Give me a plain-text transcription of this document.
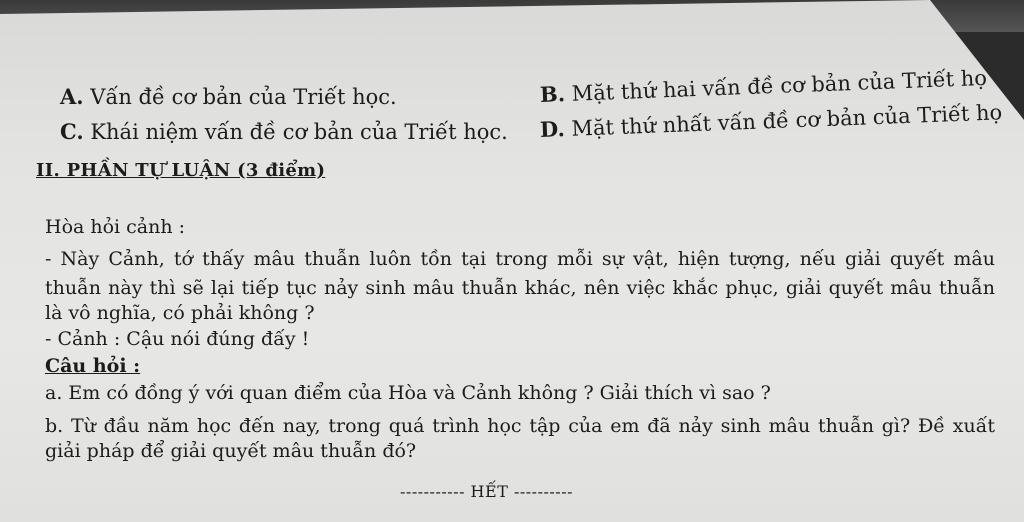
A. Vấn đề cơ bản của Triết học.	B. Mặt thứ hai vấn đề cơ bản của Triết họ
C. Khái niệm vấn đề cơ bản của Triết học. D. Mặt thứ nhất vấn đề cơ bản của Triết họ
II. PHẦN TỰ LUẬN (3 điểm)
Hòa hỏi cảnh :
- Này Cảnh, tớ thấy mâu thuẫn luôn tồn tại trong mỗi sự vật, hiện tượng, nếu giải quyết mâu
thuẫn này thì sẽ lại tiếp tục nảy sinh mâu thuẫn khác, nên việc khắc phục, giải quyết mâu thuẫn
là vô nghĩa, có phải không ?
- Cảnh : Cậu nói đúng đấy !
Câu hỏi :
a. Em có đồng ý với quan điểm của Hòa và Cảnh không ? Giải thích vì sao ?
b. Từ đầu năm học đến nay, trong quá trình học tập của em đã nảy sinh mâu thuẫn gì? Đề xuất
giải pháp để giải quyết mâu thuẫn đó?
----------- HẾT ----------
